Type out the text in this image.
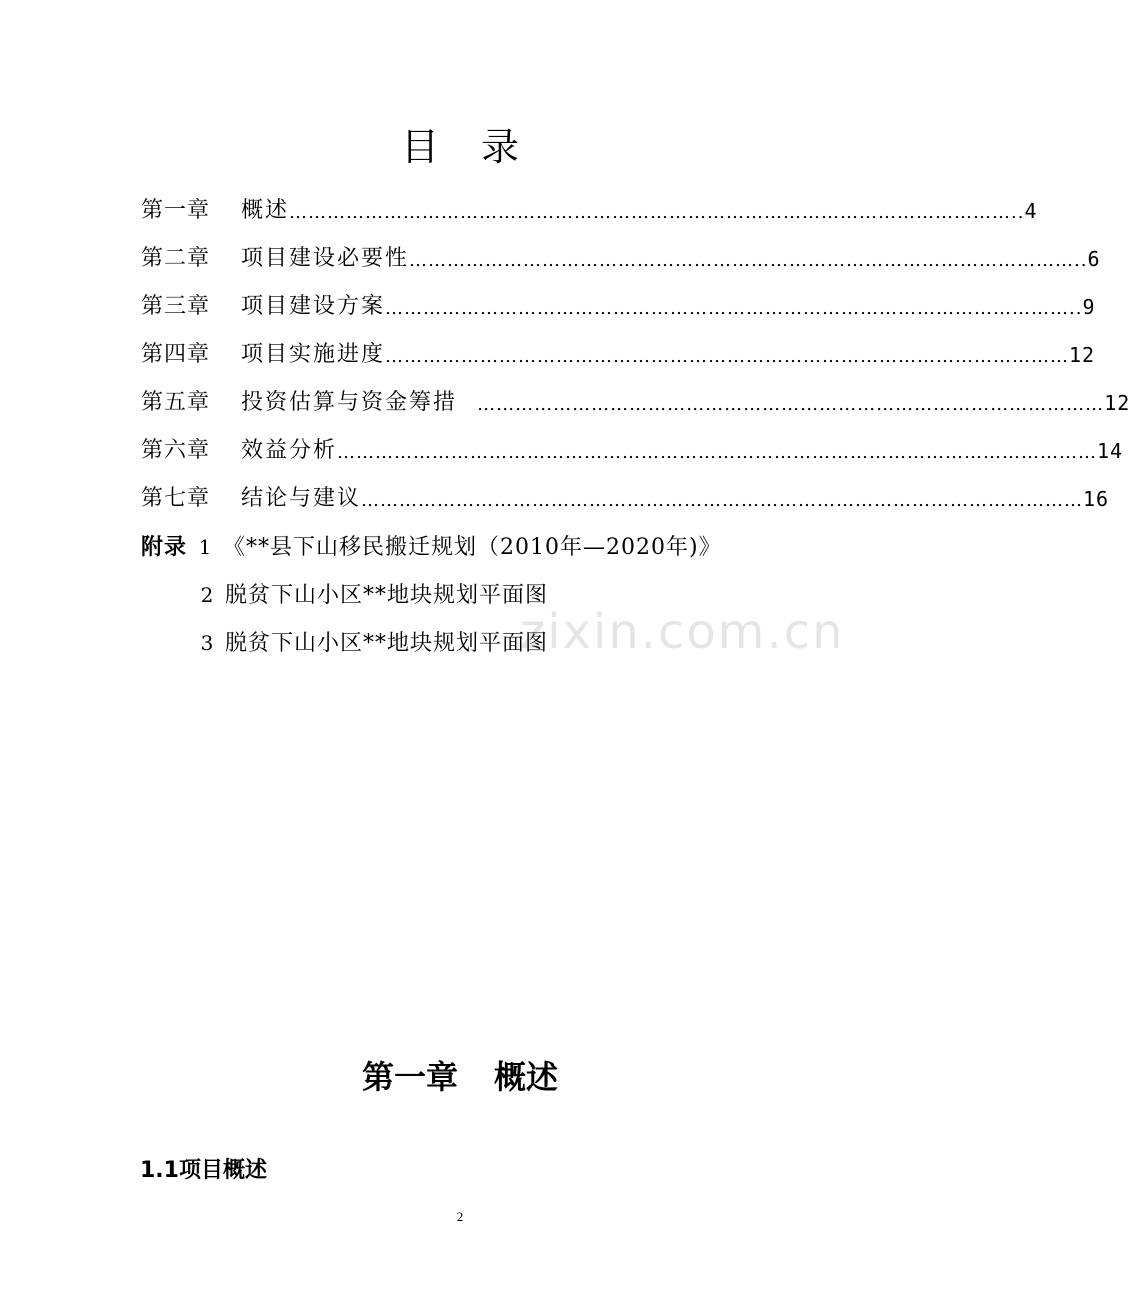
目录
第一章	概述 …………………………………………………………………………………………………….. 4
第二章	项目建设必要性 …………………………………………………………………………………………….. 6
第三章	项目建设方案 ……………………………………………………………………………………………….. 9
第四章	项目实施进度 ……………………………………………………………………………………………… 12
第五章	投资估算与资金筹措 ……………………………………………………………………………………… 12
第六章	效益分析 ………………………………………………………………………………………………………… 14
第七章	结论与建议 …………………………………………………………………………………………………… 16
附录 1 《**县下山移民搬迁规划（2010年—2020年)》
2 脱贫下山小区**地块规划平面图
3 脱贫下山小区**地块规划平面图
zixin.com.cn
第一章 概述
1.1项目概述
2
